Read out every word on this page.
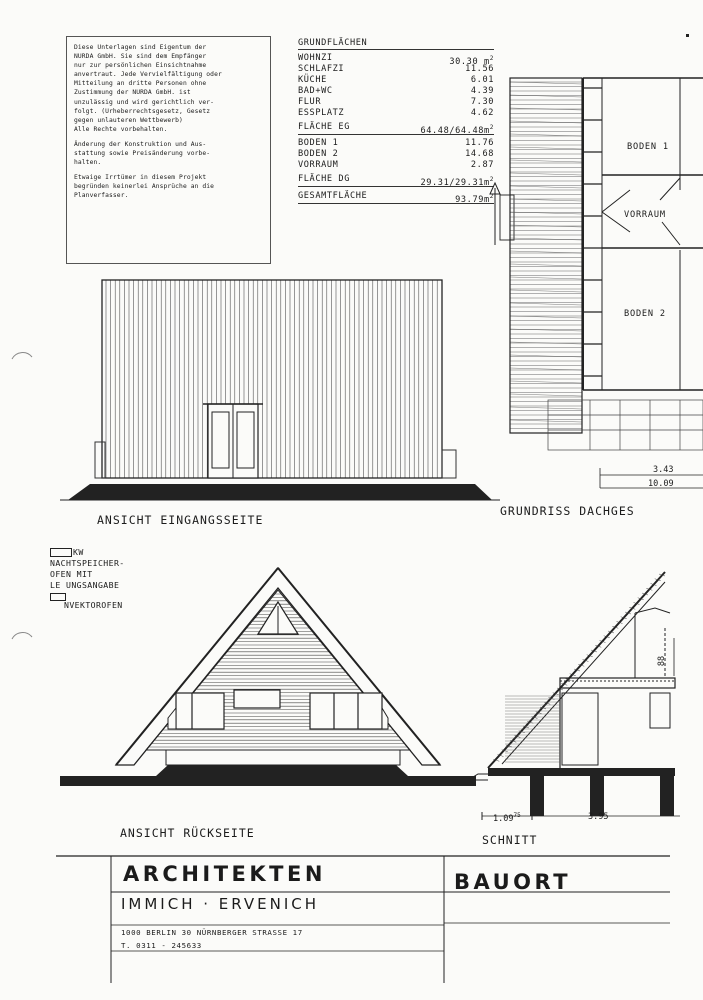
Diese Unterlagen sind Eigentum der
NURDA GmbH. Sie sind dem Empfänger
nur zur persönlichen Einsichtnahme
anvertraut. Jede Vervielfältigung oder
Mitteilung an dritte Personen ohne
Zustimmung der NURDA GmbH. ist
unzulässig und wird gerichtlich ver-
folgt. (Urheberrechtsgesetz, Gesetz
gegen unlauteren Wettbewerb)
Alle Rechte vorbehalten.

Änderung der Konstruktion und Aus-
stattung sowie Preisänderung vorbe-
halten.

Etwaige Irrtümer in diesem Projekt
begründen keinerlei Ansprüche an die
Planverfasser.

GRUNDFLÄCHEN
WOHNZI	30.30 $m^2$
SCHLAFZI	11.56
KÜCHE	6.01
BAD+WC	4.39
FLUR	7.30
ESSPLATZ	4.62
FLÄCHE EG	$64.48/64.48m^2$
BODEN 1	11.76
BODEN 2	14.68
VORRAUM	2.87
FLÄCHE DG	$29.31/29.31m^2$
GESAMTFLÄCHE	$93.79m^2$
BODEN 1
VORRAUM
BODEN 2
3.43
10.09
GRUNDRISS DACHGES
ANSICHT EINGANGSSEITE
KW
NACHTSPEICHER-
OFEN MIT
LE UNGSANGABE
NVEKTOROFEN
ANSICHT RÜCKSEITE
1.09$^{75}$	3.95
88
SCHNITT
ARCHITEKTEN
IMMICH · ERVENICH
1000 BERLIN 30 NÜRNBERGER STRASSE 17
T. 0311 - 245633
BAUORT
